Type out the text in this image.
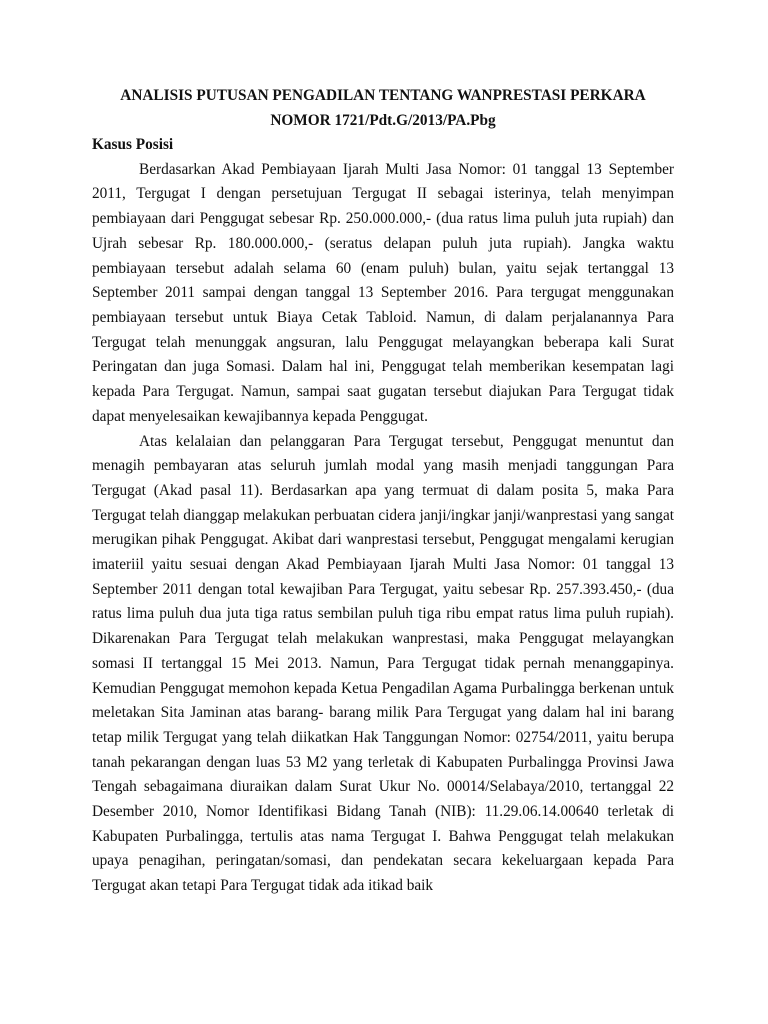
ANALISIS PUTUSAN PENGADILAN TENTANG WANPRESTASI PERKARA
NOMOR 1721/Pdt.G/2013/PA.Pbg
Kasus Posisi

Berdasarkan Akad Pembiayaan Ijarah Multi Jasa Nomor: 01 tanggal 13 September 2011, Tergugat I dengan persetujuan Tergugat II sebagai isterinya, telah menyimpan pembiayaan dari Penggugat sebesar Rp. 250.000.000,- (dua ratus lima puluh juta rupiah) dan Ujrah sebesar Rp. 180.000.000,- (seratus delapan puluh juta rupiah). Jangka waktu pembiayaan tersebut adalah selama 60 (enam puluh) bulan, yaitu sejak tertanggal 13 September 2011 sampai dengan tanggal 13 September 2016. Para tergugat menggunakan pembiayaan tersebut untuk Biaya Cetak Tabloid. Namun, di dalam perjalanannya Para Tergugat telah menunggak angsuran, lalu Penggugat melayangkan beberapa kali Surat Peringatan dan juga Somasi. Dalam hal ini, Penggugat telah memberikan kesempatan lagi kepada Para Tergugat. Namun, sampai saat gugatan tersebut diajukan Para Tergugat tidak dapat menyelesaikan kewajibannya kepada Penggugat.

Atas kelalaian dan pelanggaran Para Tergugat tersebut, Penggugat menuntut dan menagih pembayaran atas seluruh jumlah modal yang masih menjadi tanggungan Para Tergugat (Akad pasal 11). Berdasarkan apa yang termuat di dalam posita 5, maka Para Tergugat telah dianggap melakukan perbuatan cidera janji/ingkar janji/wanprestasi yang sangat merugikan pihak Penggugat. Akibat dari wanprestasi tersebut, Penggugat mengalami kerugian imateriil yaitu sesuai dengan Akad Pembiayaan Ijarah Multi Jasa Nomor: 01 tanggal 13 September 2011 dengan total kewajiban Para Tergugat, yaitu sebesar Rp. 257.393.450,- (dua ratus lima puluh dua juta tiga ratus sembilan puluh tiga ribu empat ratus lima puluh rupiah). Dikarenakan Para Tergugat telah melakukan wanprestasi, maka Penggugat melayangkan somasi II tertanggal 15 Mei 2013. Namun, Para Tergugat tidak pernah menanggapinya. Kemudian Penggugat memohon kepada Ketua Pengadilan Agama Purbalingga berkenan untuk meletakan Sita Jaminan atas barang- barang milik Para Tergugat yang dalam hal ini barang tetap milik Tergugat yang telah diikatkan Hak Tanggungan Nomor: 02754/2011, yaitu berupa tanah pekarangan dengan luas 53 M2 yang terletak di Kabupaten Purbalingga Provinsi Jawa Tengah sebagaimana diuraikan dalam Surat Ukur No. 00014/Selabaya/2010, tertanggal 22 Desember 2010, Nomor Identifikasi Bidang Tanah (NIB): 11.29.06.14.00640 terletak di Kabupaten Purbalingga, tertulis atas nama Tergugat I. Bahwa Penggugat telah melakukan upaya penagihan, peringatan/somasi, dan pendekatan secara kekeluargaan kepada Para Tergugat akan tetapi Para Tergugat tidak ada itikad baik
